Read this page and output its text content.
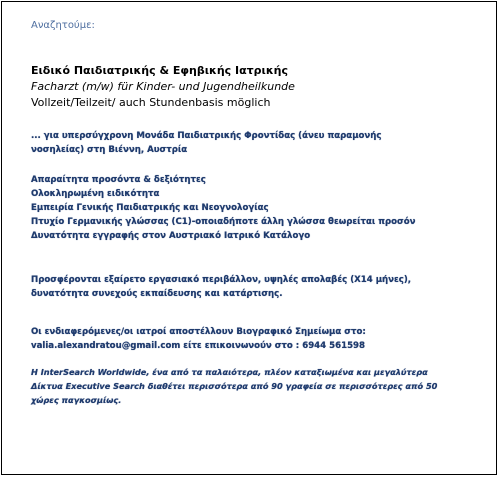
Αναζητούμε:
Ειδικό Παιδιατρικής & Εφηβικής Ιατρικής
Facharzt (m/w) für Kinder- und Jugendheilkunde
Vollzeit/Teilzeit/ auch Stundenbasis möglich
... για υπερσύγχρονη Μονάδα Παιδιατρικής Φροντίδας (άνευ παραμονής
νοσηλείας) στη Βιέννη, Αυστρία
Απαραίτητα προσόντα & δεξιότητες
Ολοκληρωμένη ειδικότητα
Εμπειρία Γενικής Παιδιατρικής και Νεογνολογίας
Πτυχίο Γερμανικής γλώσσας (C1)-οποιαδήποτε άλλη γλώσσα θεωρείται προσόν
Δυνατότητα εγγραφής στον Αυστριακό Ιατρικό Κατάλογο
Προσφέρονται εξαίρετο εργασιακό περιβάλλον, υψηλές απολαβές (Χ14 μήνες),
δυνατότητα συνεχούς εκπαίδευσης και κατάρτισης.
Οι ενδιαφερόμενες/οι ιατροί αποστέλλουν Βιογραφικό Σημείωμα στο:
valia.alexandratou@gmail.com είτε επικοινωνούν στο : 6944 561598
H InterSearch Worldwide, ένα από τα παλαιότερα, πλέον καταξιωμένα και μεγαλύτερα
Δίκτυα Executive Search διαθέτει περισσότερα από 90 γραφεία σε περισσότερες από 50
χώρες παγκοσμίως.
